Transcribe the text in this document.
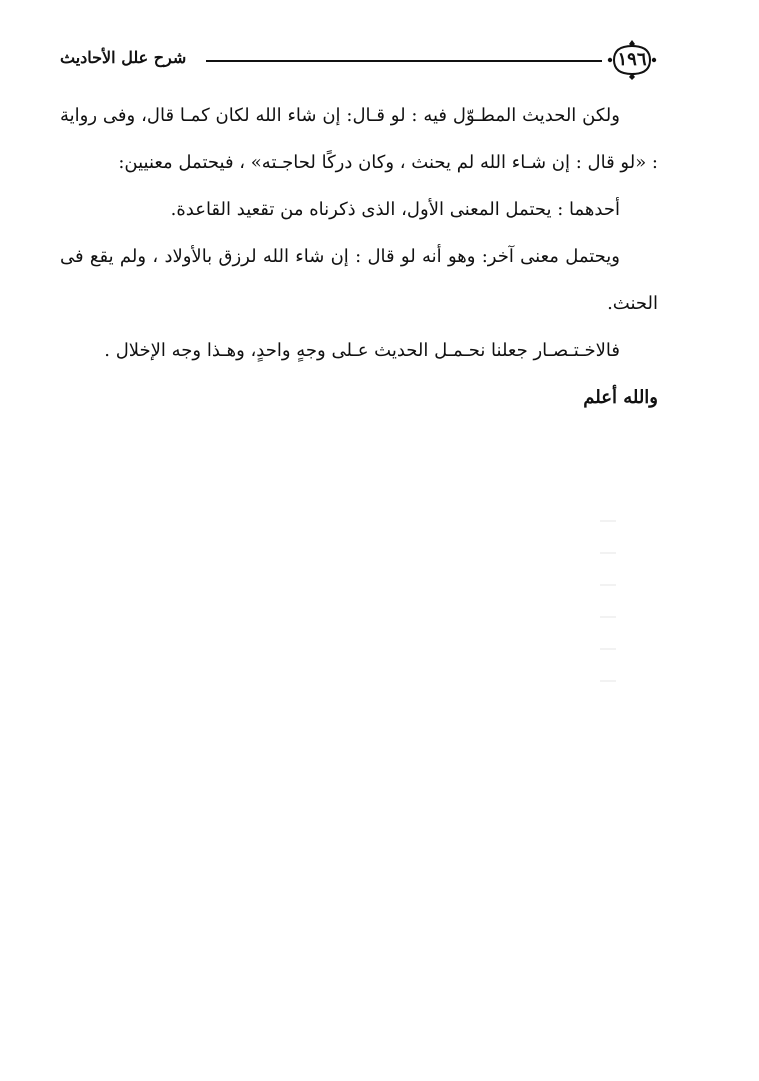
شرح علل الأحاديث	١٩٦

ولكن الحديث المطـوّل فيه : لو قـال: إن شاء الله لكان كمـا قال، وفى رواية : «لو قال : إن شـاء الله لم يحنث ، وكان دركًا لحاجـته» ، فيحتمل معنيين:

أحدهما : يحتمل المعنى الأول، الذى ذكرناه من تقعيد القاعدة.

ويحتمل معنى آخر: وهو أنه لو قال : إن شاء الله لرزق بالأولاد ، ولم يقع فى الحنث.

فالاخـتـصـار جعلنا نحـمـل الحديث عـلى وجهٍ واحدٍ، وهـذا وجه الإخلال .

والله أعلم
